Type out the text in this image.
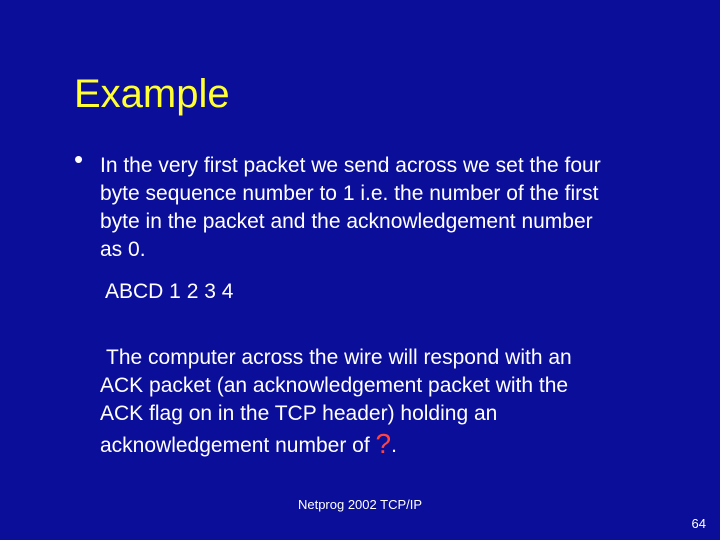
Example
• In the very first packet we send across we set the four
byte sequence number to 1 i.e. the number of the first
byte in the packet and the acknowledgement number
as 0.
ABCD 1 2 3 4
The computer across the wire will respond with an
ACK packet (an acknowledgement packet with the
ACK flag on in the TCP header) holding an
acknowledgement number of ?.
Netprog 2002 TCP/IP
64
